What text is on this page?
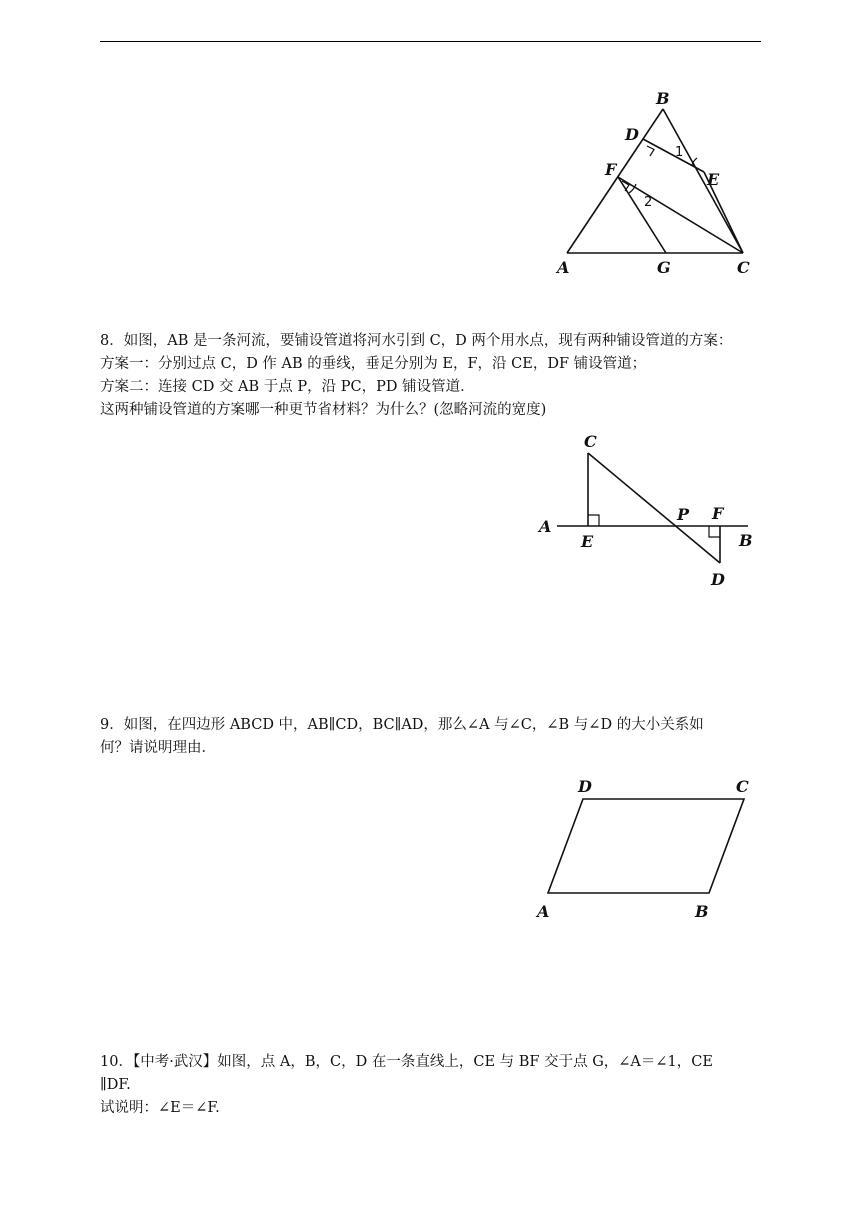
B
D
E
F
A	G	C
1
2
8．如图，AB 是一条河流，要铺设管道将河水引到 C，D 两个用水点，现有两种铺设管道的方案：
方案一：分别过点 C，D 作 AB 的垂线，垂足分别为 E，F，沿 CE，DF 铺设管道；
方案二：连接 CD 交 AB 于点 P，沿 PC，PD 铺设管道．
这两种铺设管道的方案哪一种更节省材料？为什么？(忽略河流的宽度)
C
A
E
P F
B
D
9．如图，在四边形 ABCD 中，AB∥CD，BC∥AD，那么∠A 与∠C，∠B 与∠D 的大小关系如
何？请说明理由．
D	C
A	B
10．【中考·武汉】如图，点 A，B，C，D 在一条直线上，CE 与 BF 交于点 G，∠A＝∠1，CE
∥DF.
试说明：∠E＝∠F.
